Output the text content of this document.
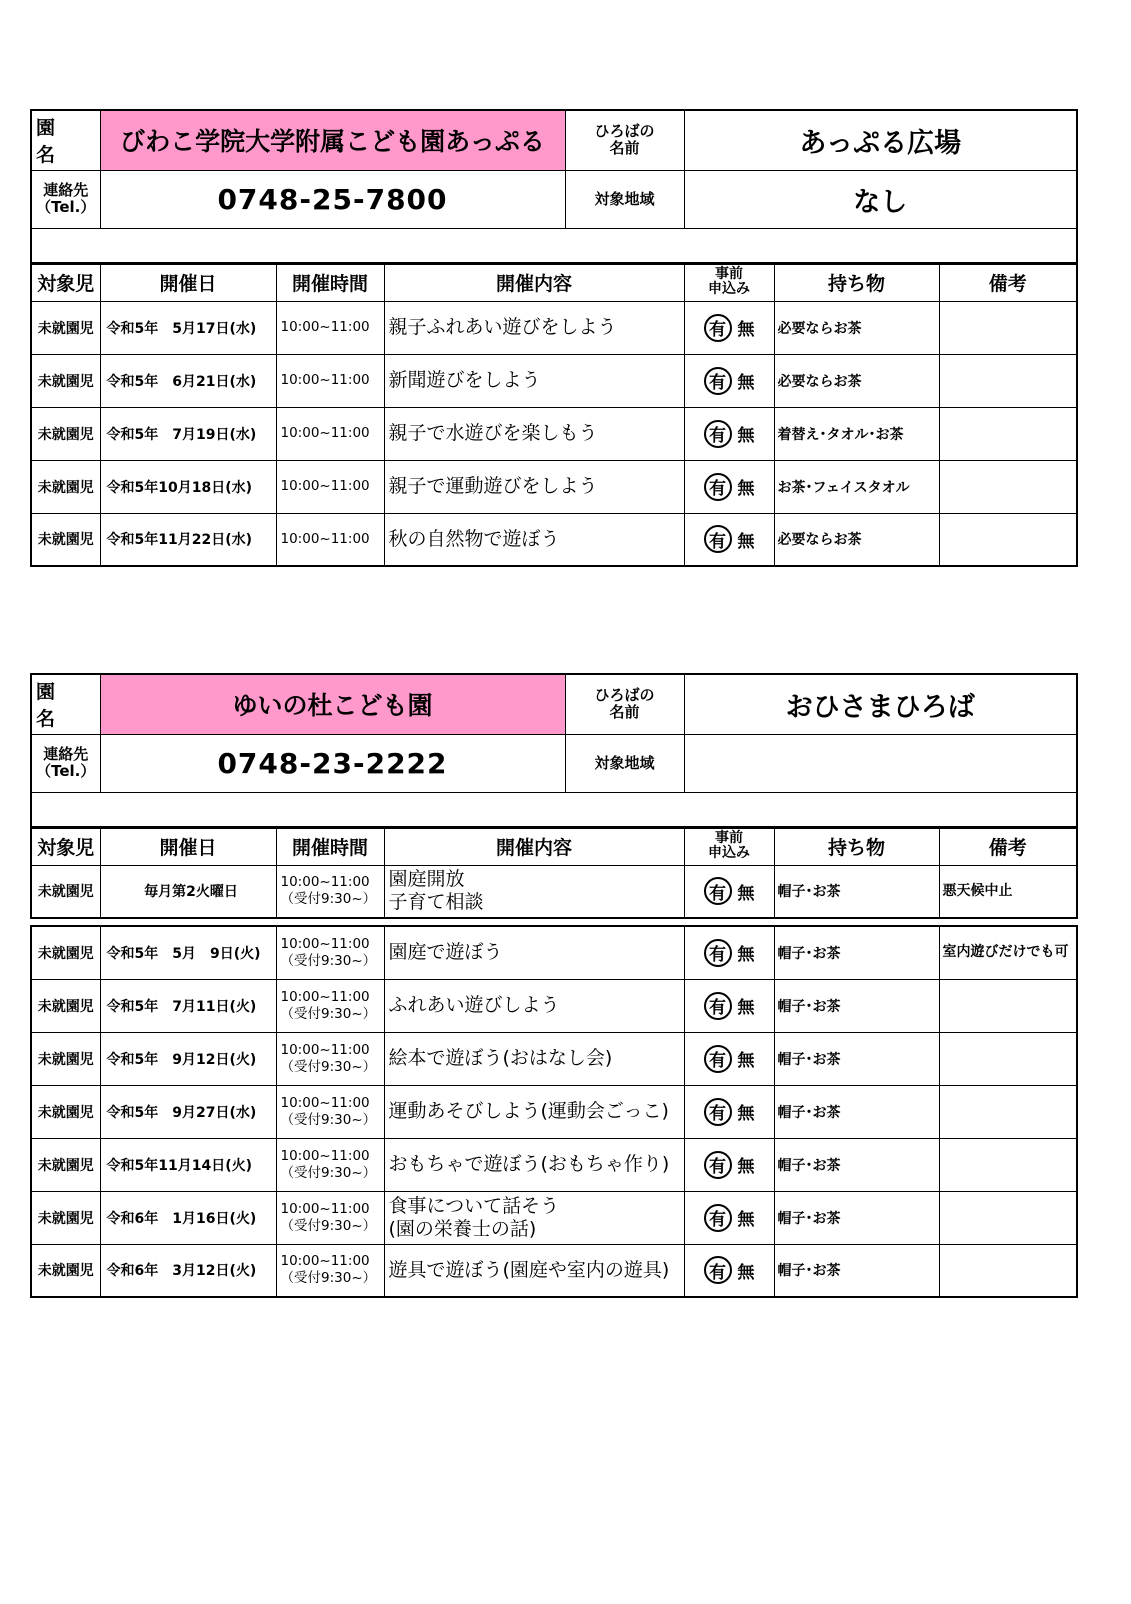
園　 名	びわこ学院大学附属こども園あっぷる	ひろばの
名前	あっぷる広場
連絡先
（Tel.）	0748-25-7800	対象地域	なし

対象児	開催日	開催時間	開催内容	事前
申込み	持ち物	備考
未就園児	令和5年　5月17日(水)	10:00~11:00	親子ふれあい遊びをしよう	有 無	必要ならお茶	
未就園児	令和5年　6月21日(水)	10:00~11:00	新聞遊びをしよう	有 無	必要ならお茶	
未就園児	令和5年　7月19日(水)	10:00~11:00	親子で水遊びを楽しもう	有 無	着替え･タオル･お茶	
未就園児	令和5年10月18日(水)	10:00~11:00	親子で運動遊びをしよう	有 無	お茶･フェイスタオル	
未就園児	令和5年11月22日(水)	10:00~11:00	秋の自然物で遊ぼう	有 無	必要ならお茶	
園　 名	ゆいの杜こども園	ひろばの
名前	おひさまひろば
連絡先
（Tel.）	0748-23-2222	対象地域	

対象児	開催日	開催時間	開催内容	事前
申込み	持ち物	備考
未就園児	毎月第2火曜日	10:00~11:00
（受付9:30~）	園庭開放
子育て相談	有 無	帽子･お茶	悪天候中止
未就園児	令和5年　5月　9日(火)	10:00~11:00
（受付9:30~）	園庭で遊ぼう	有 無	帽子･お茶	室内遊びだけでも可
未就園児	令和5年　7月11日(火)	10:00~11:00
（受付9:30~）	ふれあい遊びしよう	有 無	帽子･お茶	
未就園児	令和5年　9月12日(火)	10:00~11:00
（受付9:30~）	絵本で遊ぼう(おはなし会)	有 無	帽子･お茶	
未就園児	令和5年　9月27日(水)	10:00~11:00
（受付9:30~）	運動あそびしよう(運動会ごっこ)	有 無	帽子･お茶	
未就園児	令和5年11月14日(火)	10:00~11:00
（受付9:30~）	おもちゃで遊ぼう(おもちゃ作り)	有 無	帽子･お茶	
未就園児	令和6年　1月16日(火)	10:00~11:00
（受付9:30~）	食事について話そう
(園の栄養士の話)	有 無	帽子･お茶	
未就園児	令和6年　3月12日(火)	10:00~11:00
（受付9:30~）	遊具で遊ぼう(園庭や室内の遊具)	有 無	帽子･お茶	
